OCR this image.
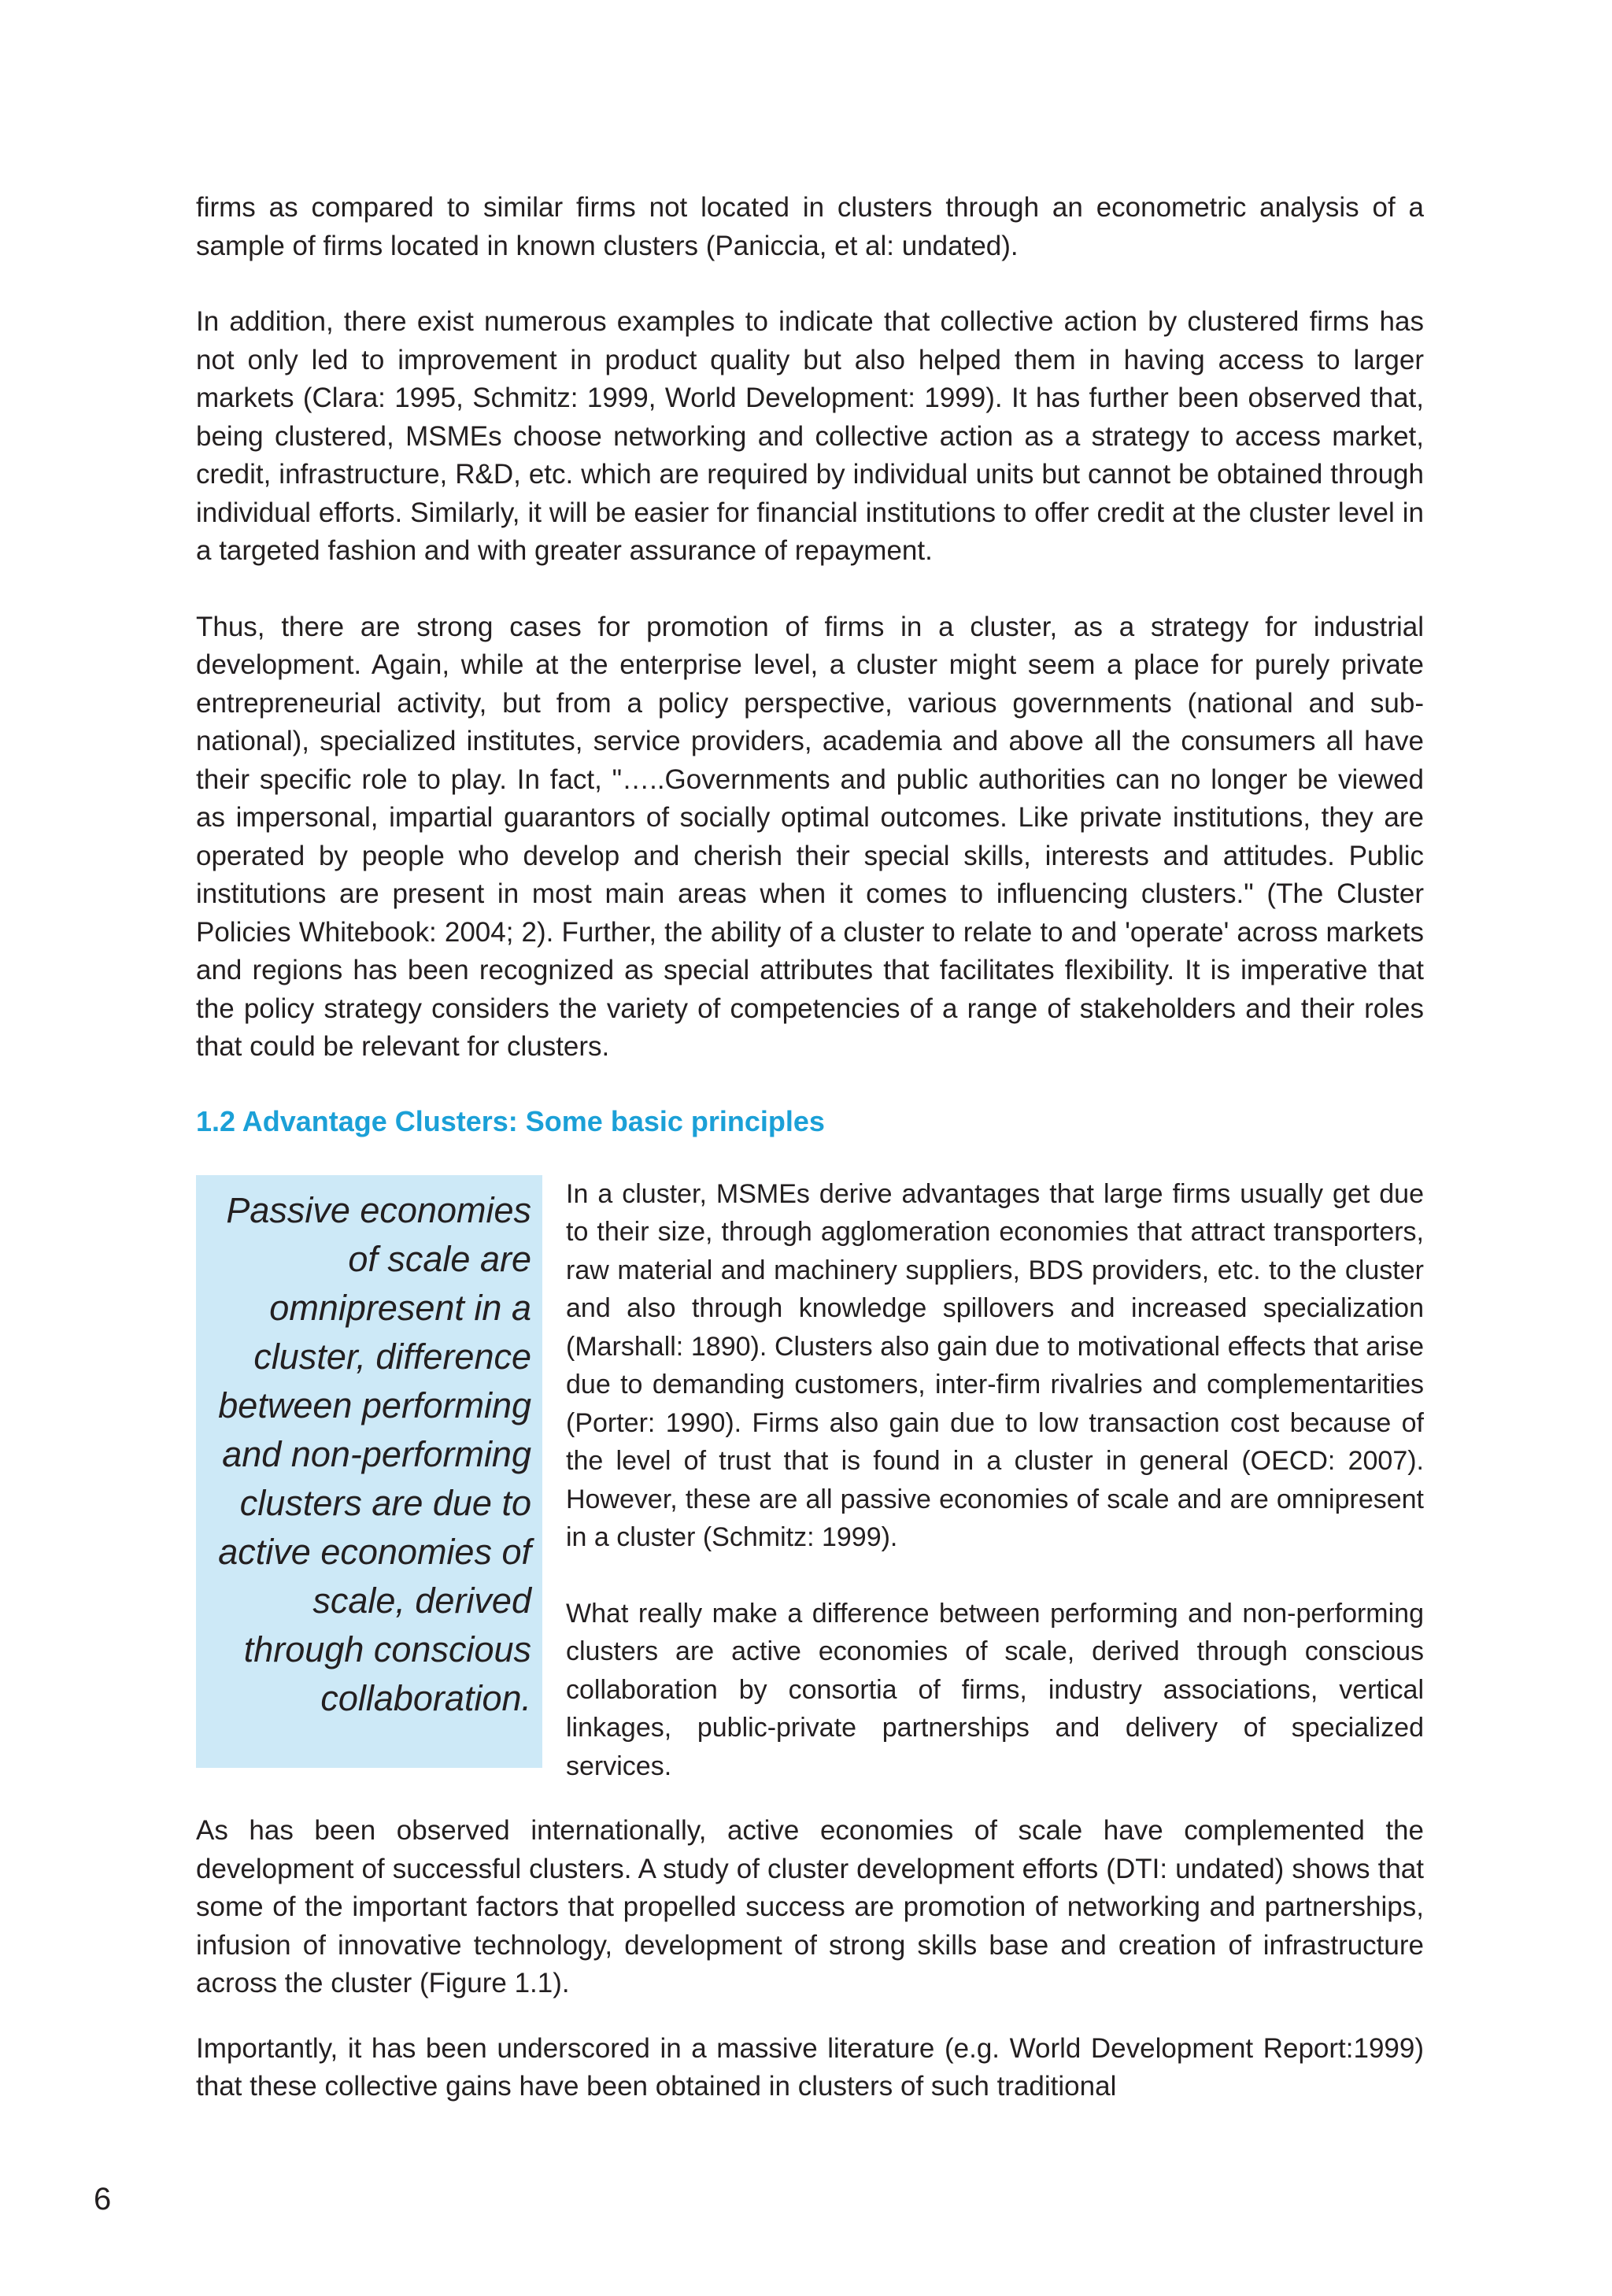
firms as compared to similar firms not located in clusters through an econometric analysis of a sample of firms located in known clusters (Paniccia, et al: undated).

In addition, there exist numerous examples to indicate that collective action by clustered firms has not only led to improvement in product quality but also helped them in having access to larger markets (Clara: 1995, Schmitz: 1999, World Development: 1999). It has further been observed that, being clustered, MSMEs choose networking and collective action as a strategy to access market, credit, infrastructure, R&D, etc. which are required by individual units but cannot be obtained through individual efforts. Similarly, it will be easier for financial institutions to offer credit at the cluster level in a targeted fashion and with greater assurance of repayment.

Thus, there are strong cases for promotion of firms in a cluster, as a strategy for industrial development. Again, while at the enterprise level, a cluster might seem a place for purely private entrepreneurial activity, but from a policy perspective, various governments (national and sub-national), specialized institutes, service providers, academia and above all the consumers all have their specific role to play. In fact, "…..Governments and public authorities can no longer be viewed as impersonal, impartial guarantors of socially optimal outcomes. Like private institutions, they are operated by people who develop and cherish their special skills, interests and attitudes. Public institutions are present in most main areas when it comes to influencing clusters." (The Cluster Policies Whitebook: 2004; 2). Further, the ability of a cluster to relate to and 'operate' across markets and regions has been recognized as special attributes that facilitates flexibility. It is imperative that the policy strategy considers the variety of competencies of a range of stakeholders and their roles that could be relevant for clusters.

1.2 Advantage Clusters: Some basic principles
Passive economies of scale are omnipresent in a cluster, difference between performing and non-performing clusters are due to active economies of scale, derived through conscious collaboration.

In a cluster, MSMEs derive advantages that large firms usually get due to their size, through agglomeration economies that attract transporters, raw material and machinery suppliers, BDS providers, etc. to the cluster and also through knowledge spillovers and increased specialization (Marshall: 1890). Clusters also gain due to motivational effects that arise due to demanding customers, inter-firm rivalries and complementarities (Porter: 1990). Firms also gain due to low transaction cost because of the level of trust that is found in a cluster in general (OECD: 2007). However, these are all passive economies of scale and are omnipresent in a cluster (Schmitz: 1999).

What really make a difference between performing and non-performing clusters are active economies of scale, derived through conscious collaboration by consortia of firms, industry associations, vertical linkages, public-private partnerships and delivery of specialized services.

As has been observed internationally, active economies of scale have complemented the development of successful clusters. A study of cluster development efforts (DTI: undated) shows that some of the important factors that propelled success are promotion of networking and partnerships, infusion of innovative technology, development of strong skills base and creation of infrastructure across the cluster (Figure 1.1).

Importantly, it has been underscored in a massive literature (e.g. World Development Report:1999) that these collective gains have been obtained in clusters of such traditional

6
